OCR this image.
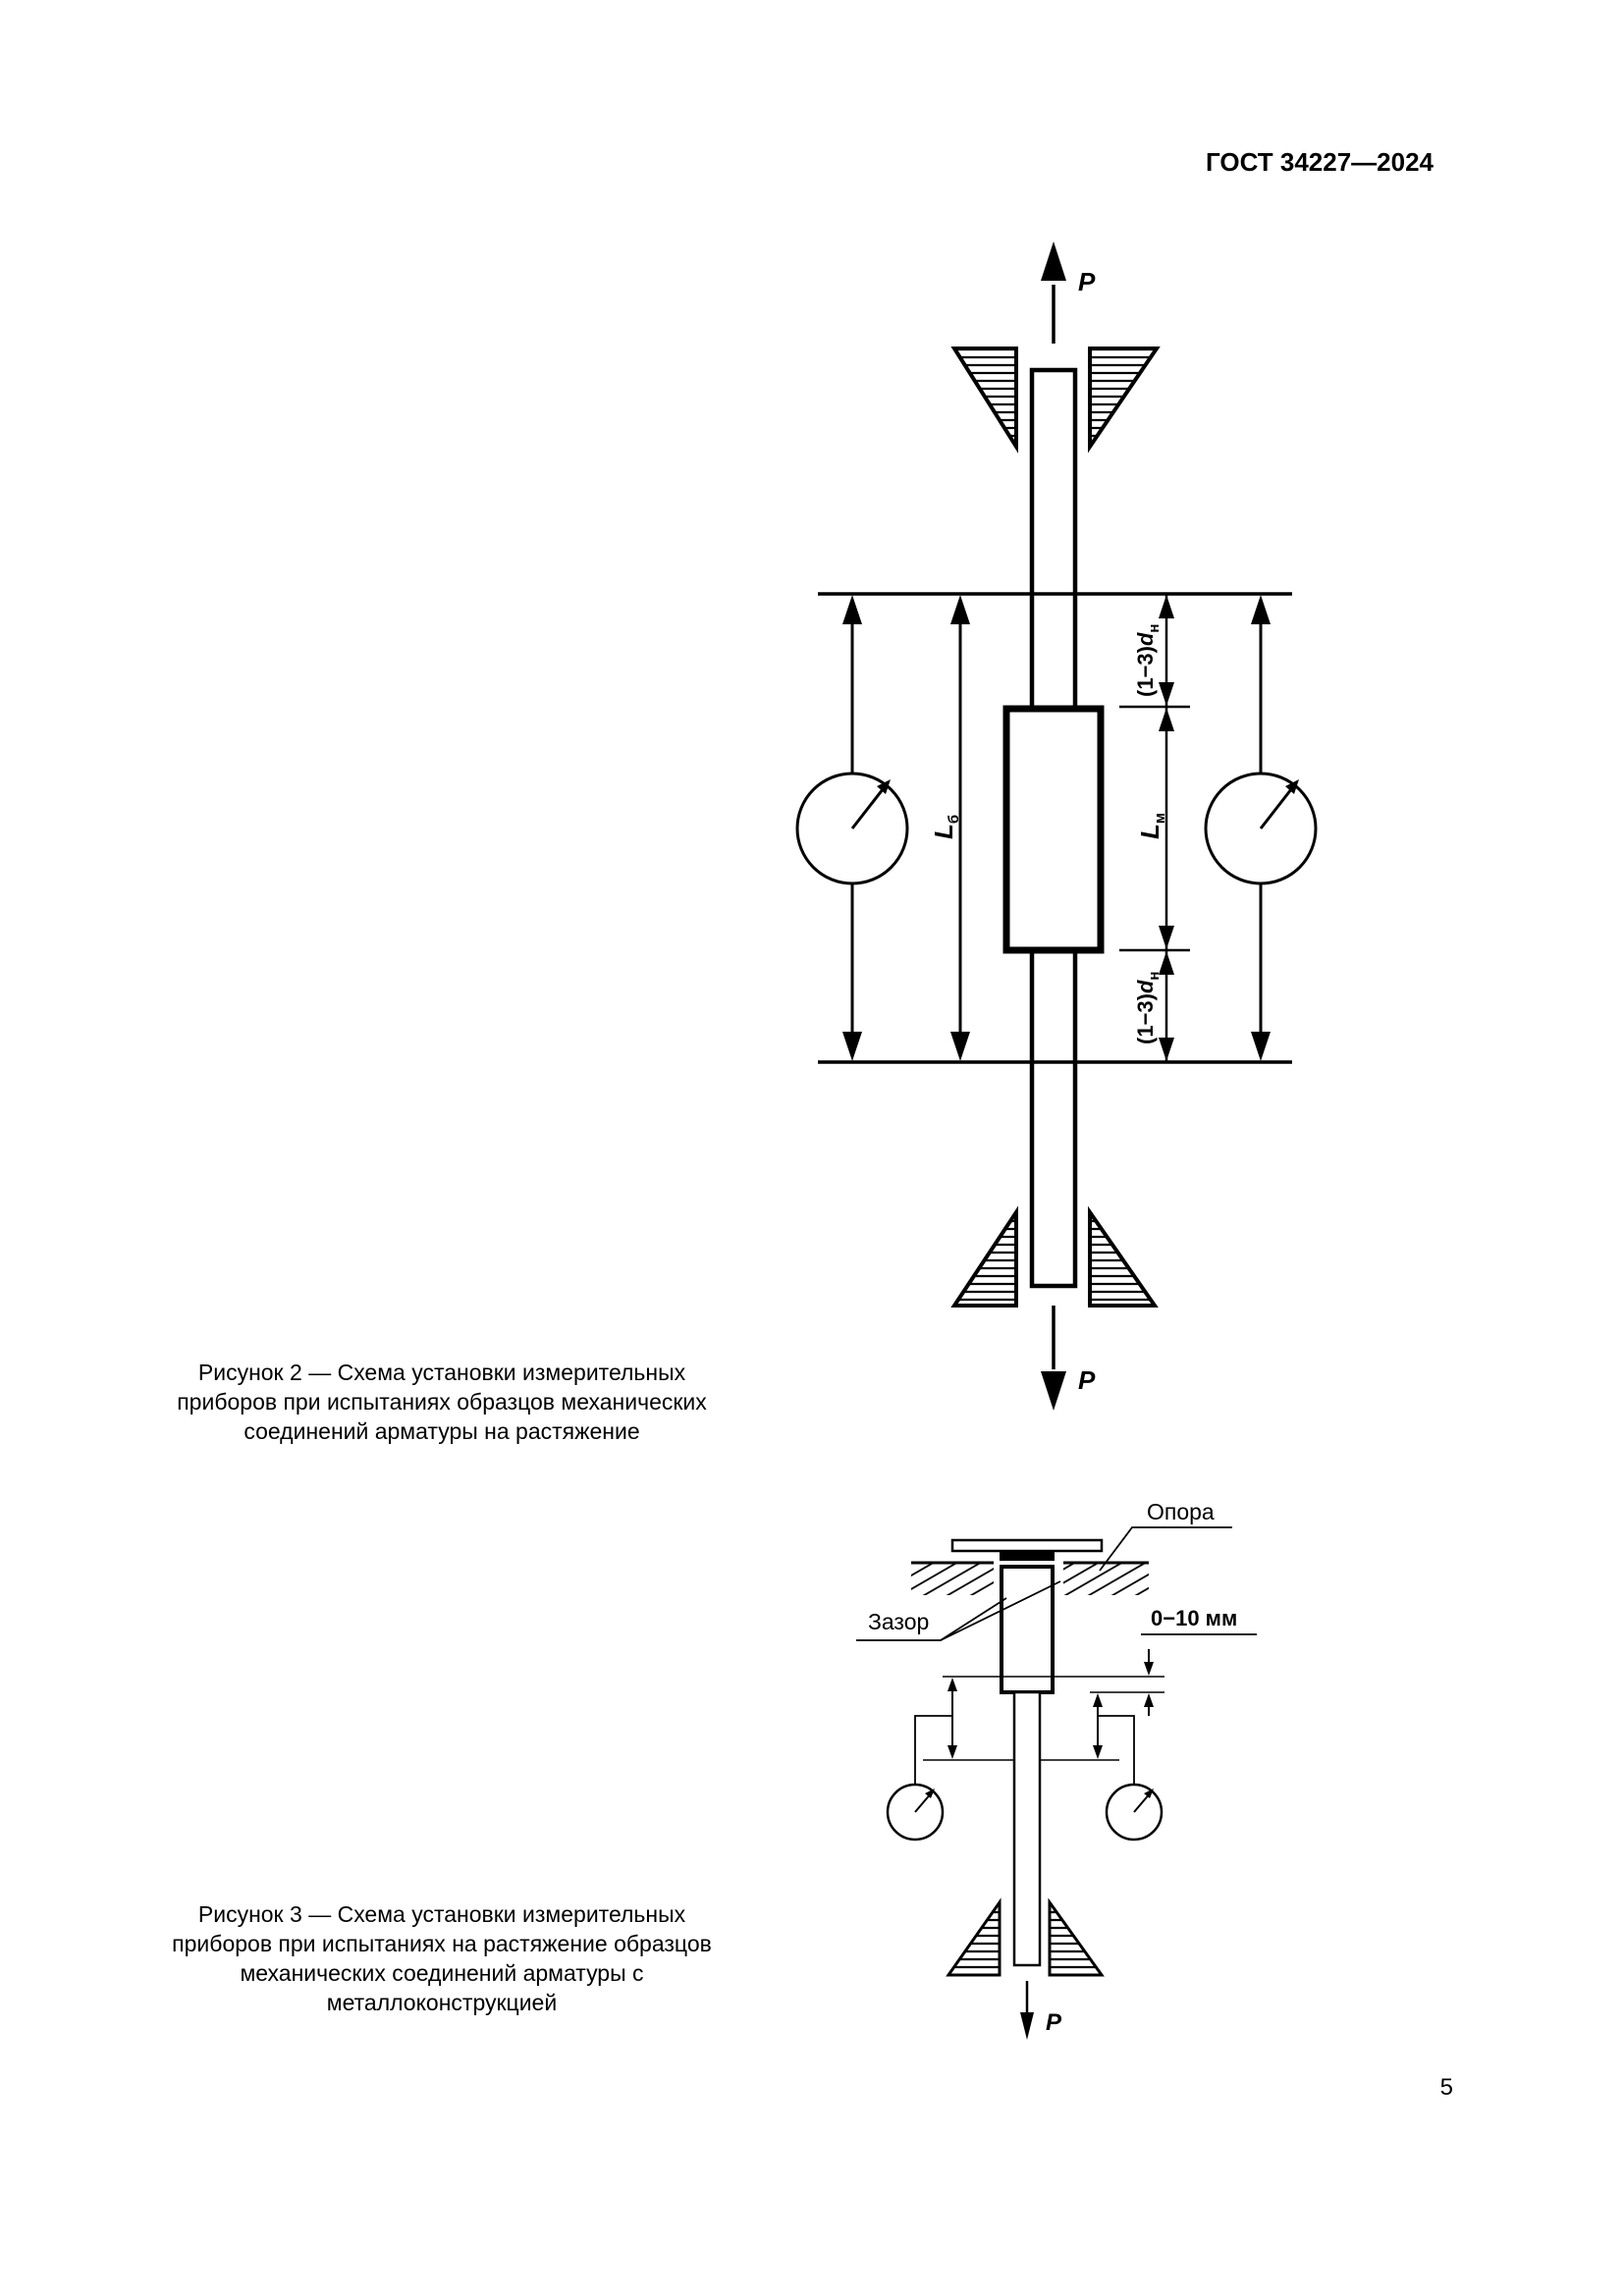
ГОСТ 34227—2024
P
P
Lб
Lм
(1−3)dн
(1−3)dн
P
Опора
Зазор	0−10 мм
Рисунок 2 — Схема установки измерительных приборов при испытаниях образцов механических соединений арматуры на растяжение
Рисунок 3 — Схема установки измерительных приборов при испытаниях на растяжение образцов механических соединений арматуры с металлоконструкцией
5
